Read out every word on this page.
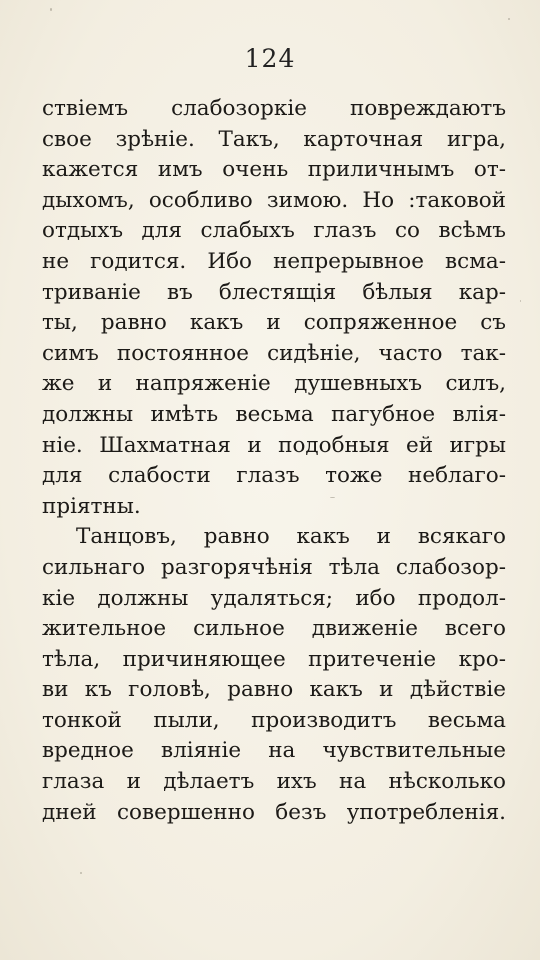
124
ствіемъ слабозоркіе повреждаютъ
свое зрѣніе. Такъ, карточная игра,
кажется имъ очень приличнымъ от-
дыхомъ, особливо зимою. Но :таковой
отдыхъ для слабыхъ глазъ со всѣмъ
не годится. Ибо непрерывное всма-
триваніе въ блестящія бѣлыя кар-
ты, равно какъ и сопряженное съ
симъ постоянное сидѣніе, часто так-
же и напряженіе душевныхъ силъ,
должны имѣть весьма пагубное влія-
ніе. Шахматная и подобныя ей игры
для слабости глазъ тоже неблаго-
пріятны.
Танцовъ, равно какъ и всякаго
сильнаго разгорячѣнія тѣла слабозор-
кіе должны удаляться; ибо продол-
жительное сильное движеніе всего
тѣла, причиняющее притеченіе кро-
ви къ головѣ, равно какъ и дѣйствіе
тонкой пыли, производитъ весьма
вредное вліяніе на чувствительные
глаза и дѣлаетъ ихъ на нѣсколько
дней совершенно безъ употребленія.
